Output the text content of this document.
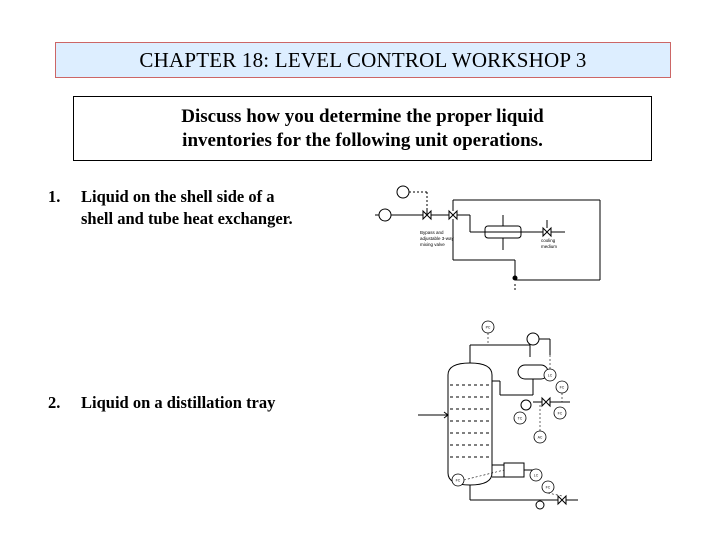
CHAPTER 18: LEVEL CONTROL WORKSHOP 3
Discuss how you determine the proper liquid
inventories for the following unit operations.
1. Liquid on the shell side of a
shell and tube heat exchanger.
2. Liquid on a distillation tray
Bypass and
adjustable 3-way
mixing valve
cooling
medium
PC
LC
FC
FC
AC
FC
LC
FC
TC
